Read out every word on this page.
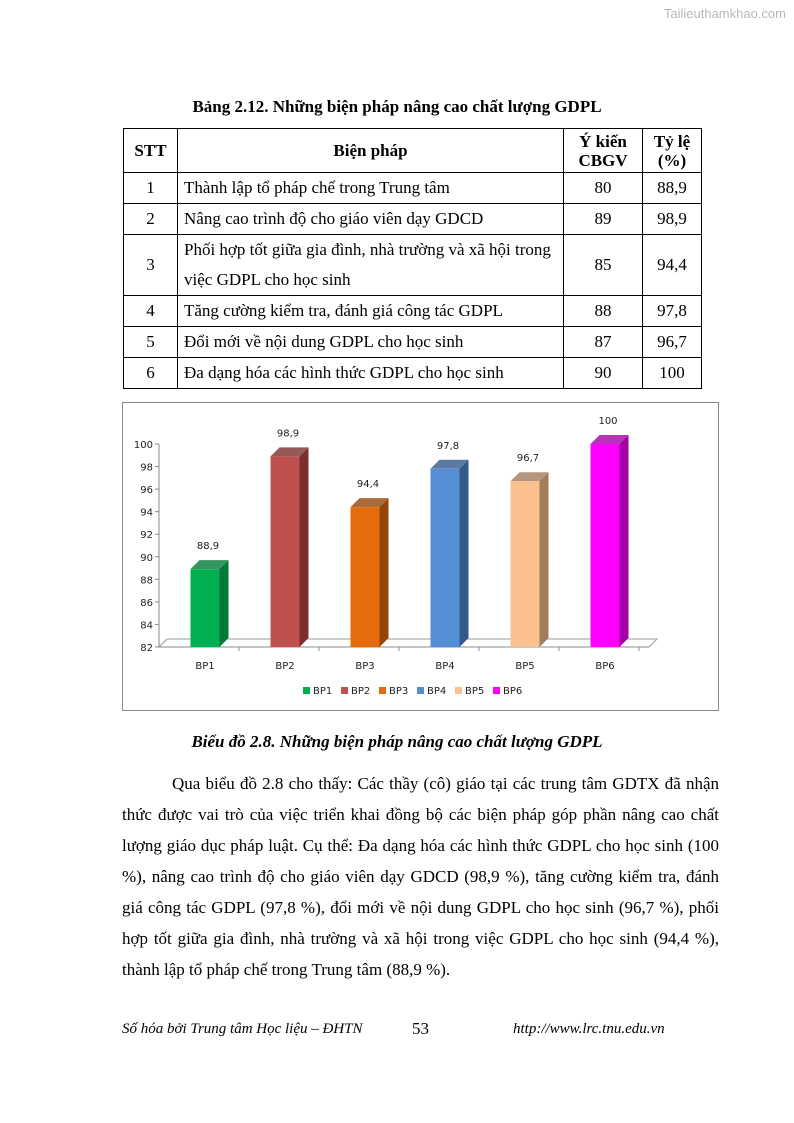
Tailieuthamkhao.com
Bảng 2.12. Những biện pháp nâng cao chất lượng GDPL
STT	Biện pháp	Ý kiến CBGV	Tỷ lệ (%)
1	Thành lập tổ pháp chế trong Trung tâm	80	88,9
2	Nâng cao trình độ cho giáo viên dạy GDCD	89	98,9
3	Phối hợp tốt giữa gia đình, nhà trường và xã hội trong việc GDPL cho học sinh	85	94,4
4	Tăng cường kiểm tra, đánh giá công tác GDPL	88	97,8
5	Đổi mới về nội dung GDPL cho học sinh	87	96,7
6	Đa dạng hóa các hình thức GDPL cho học sinh	90	100
82
84
86
88
90
92
94
96
98
100
88,9
BP1
BP1
98,9
BP2
BP2
94,4
BP3
BP3
97,8
BP4
BP4
96,7
BP5
BP5
100
BP6
BP6
Biểu đồ 2.8. Những biện pháp nâng cao chất lượng GDPL

Qua biểu đồ 2.8 cho thấy: Các thầy (cô) giáo tại các trung tâm GDTX đã nhận thức được vai trò của việc triển khai đồng bộ các biện pháp góp phần nâng cao chất lượng giáo dục pháp luật. Cụ thể: Đa dạng hóa các hình thức GDPL cho học sinh (100 %), nâng cao trình độ cho giáo viên dạy GDCD (98,9 %), tăng cường kiểm tra, đánh giá công tác GDPL (97,8 %), đổi mới về nội dung GDPL cho học sinh (96,7 %), phối hợp tốt giữa gia đình, nhà trường và xã hội trong việc GDPL cho học sinh (94,4 %), thành lập tổ pháp chế trong Trung tâm (88,9 %).

Số hóa bởi Trung tâm Học liệu – ĐHTN	53	http://www.lrc.tnu.edu.vn
